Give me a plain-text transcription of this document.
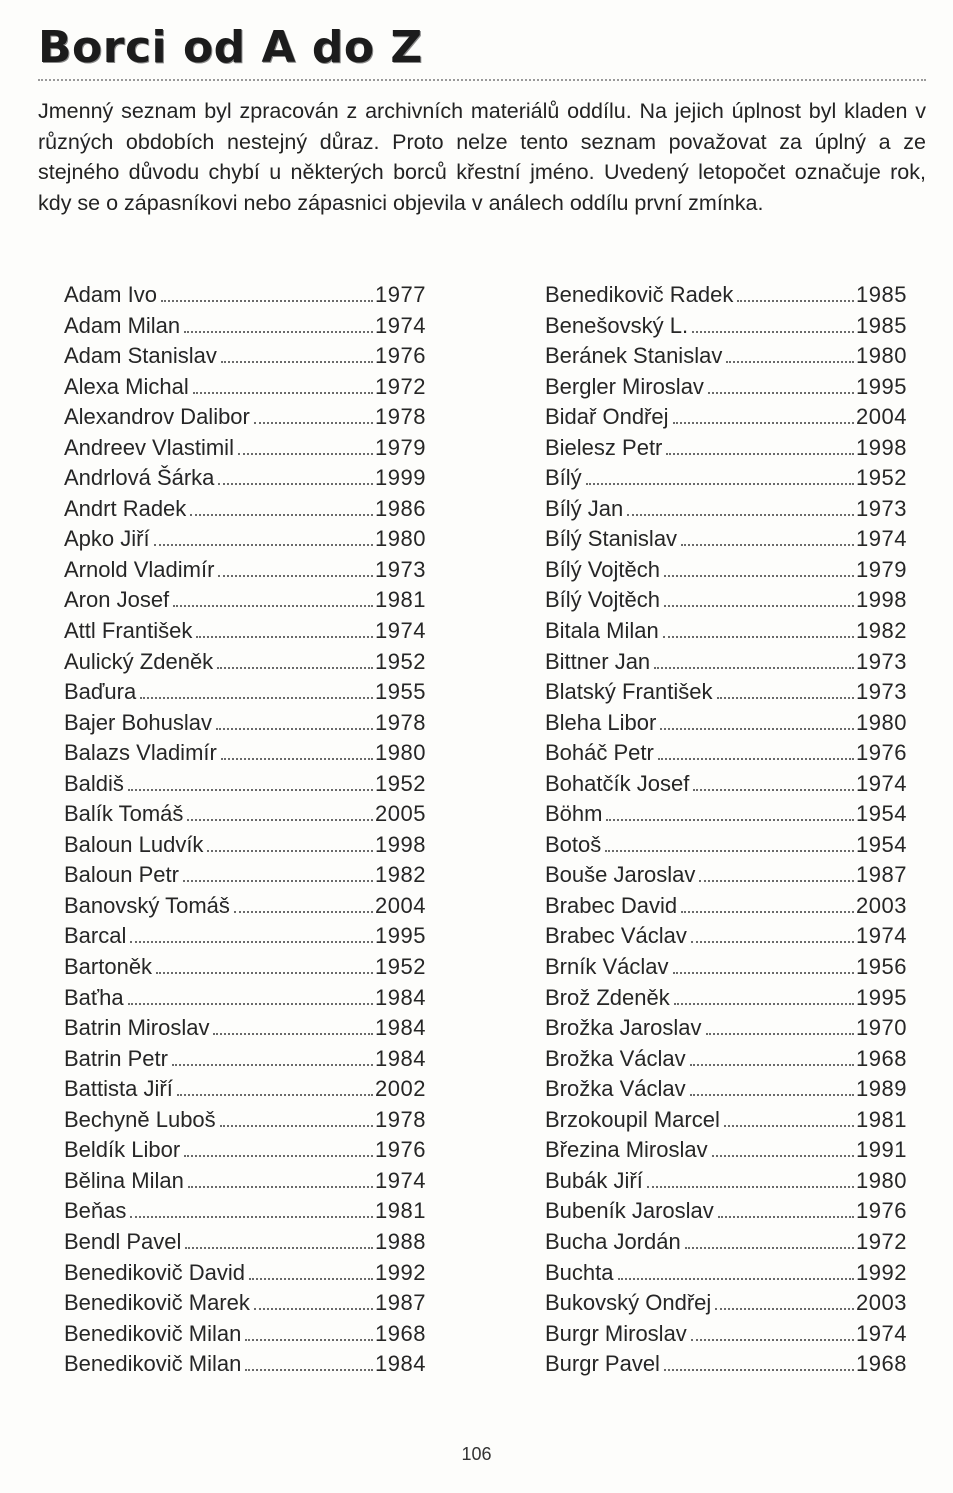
Borci od A do Z

Jmenný seznam byl zpracován z archivních materiálů oddílu. Na jejich úplnost byl kladen v různých obdobích nestejný důraz. Proto nelze tento seznam považovat za úplný a ze stejného důvodu chybí u některých borců křestní jméno. Uvedený letopočet označuje rok, kdy se o zápasníkovi nebo zápasnici objevila v análech oddílu první zmínka.

Adam Ivo	1977
Adam Milan	1974
Adam Stanislav	1976
Alexa Michal	1972
Alexandrov Dalibor	1978
Andreev Vlastimil	1979
Andrlová Šárka	1999
Andrt Radek	1986
Apko Jiří	1980
Arnold Vladimír	1973
Aron Josef	1981
Attl František	1974
Aulický Zdeněk	1952
Baďura	1955
Bajer Bohuslav	1978
Balazs Vladimír	1980
Baldiš	1952
Balík Tomáš	2005
Baloun Ludvík	1998
Baloun Petr	1982
Banovský Tomáš	2004
Barcal	1995
Bartoněk	1952
Baťha	1984
Batrin Miroslav	1984
Batrin Petr	1984
Battista Jiří	2002
Bechyně Luboš	1978
Beldík Libor	1976
Bělina Milan	1974
Beňas	1981
Bendl Pavel	1988
Benedikovič David	1992
Benedikovič Marek	1987
Benedikovič Milan	1968
Benedikovič Milan	1984
Benedikovič Radek	1985
Benešovský L.	1985
Beránek Stanislav	1980
Bergler Miroslav	1995
Bidař Ondřej	2004
Bielesz Petr	1998
Bílý	1952
Bílý Jan	1973
Bílý Stanislav	1974
Bílý Vojtěch	1979
Bílý Vojtěch	1998
Bitala Milan	1982
Bittner Jan	1973
Blatský František	1973
Bleha Libor	1980
Boháč Petr	1976
Bohatčík Josef	1974
Böhm	1954
Botoš	1954
Bouše Jaroslav	1987
Brabec David	2003
Brabec Václav	1974
Brník Václav	1956
Brož Zdeněk	1995
Brožka Jaroslav	1970
Brožka Václav	1968
Brožka Václav	1989
Brzokoupil Marcel	1981
Březina Miroslav	1991
Bubák Jiří	1980
Bubeník Jaroslav	1976
Bucha Jordán	1972
Buchta	1992
Bukovský Ondřej	2003
Burgr Miroslav	1974
Burgr Pavel	1968
106
